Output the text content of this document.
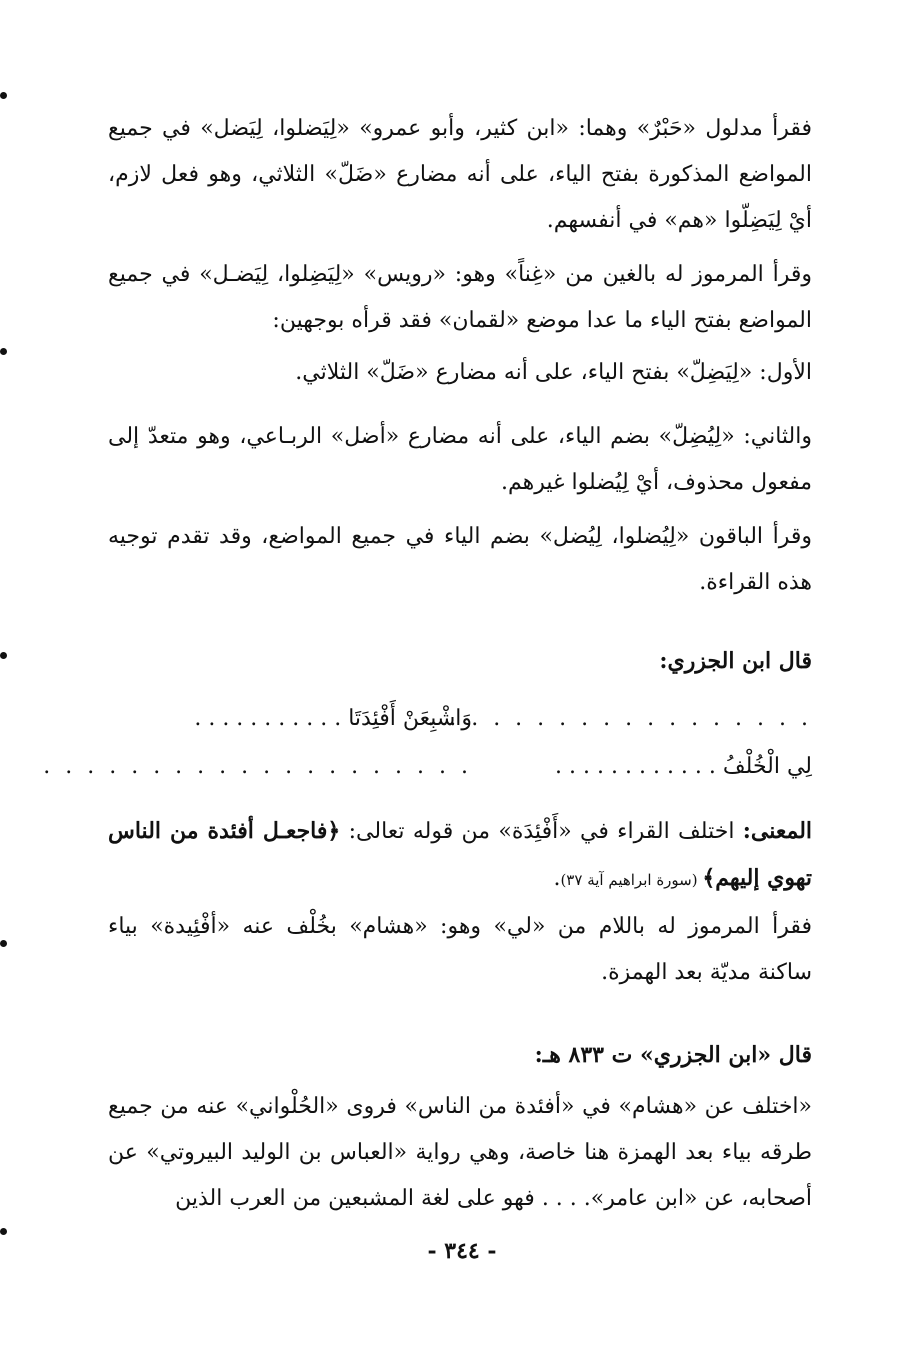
فقرأ مدلول «حَبْرٌ» وهما: «ابن كثير، وأبو عمرو» «لِيَضلوا، لِيَضل» في جميع المواضع المذكورة بفتح الياء، على أنه مضارع «ضَلّ» الثلاثي، وهو فعل لازم، أيْ لِيَضِلّوا «هم» في أنفسهم.

وقرأ المرموز له بالغين من «غِناً» وهو: «رويس» «لِيَضِلوا، لِيَضـل» في جميع المواضع بفتح الياء ما عدا موضع «لقمان» فقد قرأه بوجهين:

الأول: «لِيَضِلّ» بفتح الياء، على أنه مضارع «ضَلّ» الثلاثي.

والثاني: «لِيُضِلّ» بضم الياء، على أنه مضارع «أضل» الربـاعي، وهو متعدّ إلى مفعول محذوف، أيْ لِيُضلوا غيرهم.

وقرأ الباقون «لِيُضلوا، لِيُضل» بضم الياء في جميع المواضع، وقد تقدم توجيه هذه القراءة.

قال ابن الجزري:
. . . . . . . . . . . . . . . . . .
وَاشْبِعَنْ أَفْئِدَتَا . . . . . . . . . . .
لِي الْخُلْفُ . . . . . . . . . . . .
. . . . . . . . . . . . . . . . . . . .

المعنى: اختلف القراء في «أَفْئِدَة» من قوله تعالى: ﴿فاجعـل أفئدة من الناس تهوي إليهم﴾ (سورة ابراهيم آية ٣٧).

فقرأ المرموز له باللام من «لي» وهو: «هشام» بخُلْف عنه «أفْئِيدة» بياء ساكنة مديّة بعد الهمزة.

قال «ابن الجزري» ت ٨٣٣ هـ:

«اختلف عن «هشام» في «أفئدة من الناس» فروى «الحُلْواني» عنه من جميع طرقه بياء بعد الهمزة هنا خاصة، وهي رواية «العباس بن الوليد البيروتي» عن أصحابه، عن «ابن عامر». . . . فهو على لغة المشبعين من العرب الذين

- ٣٤٤ -
